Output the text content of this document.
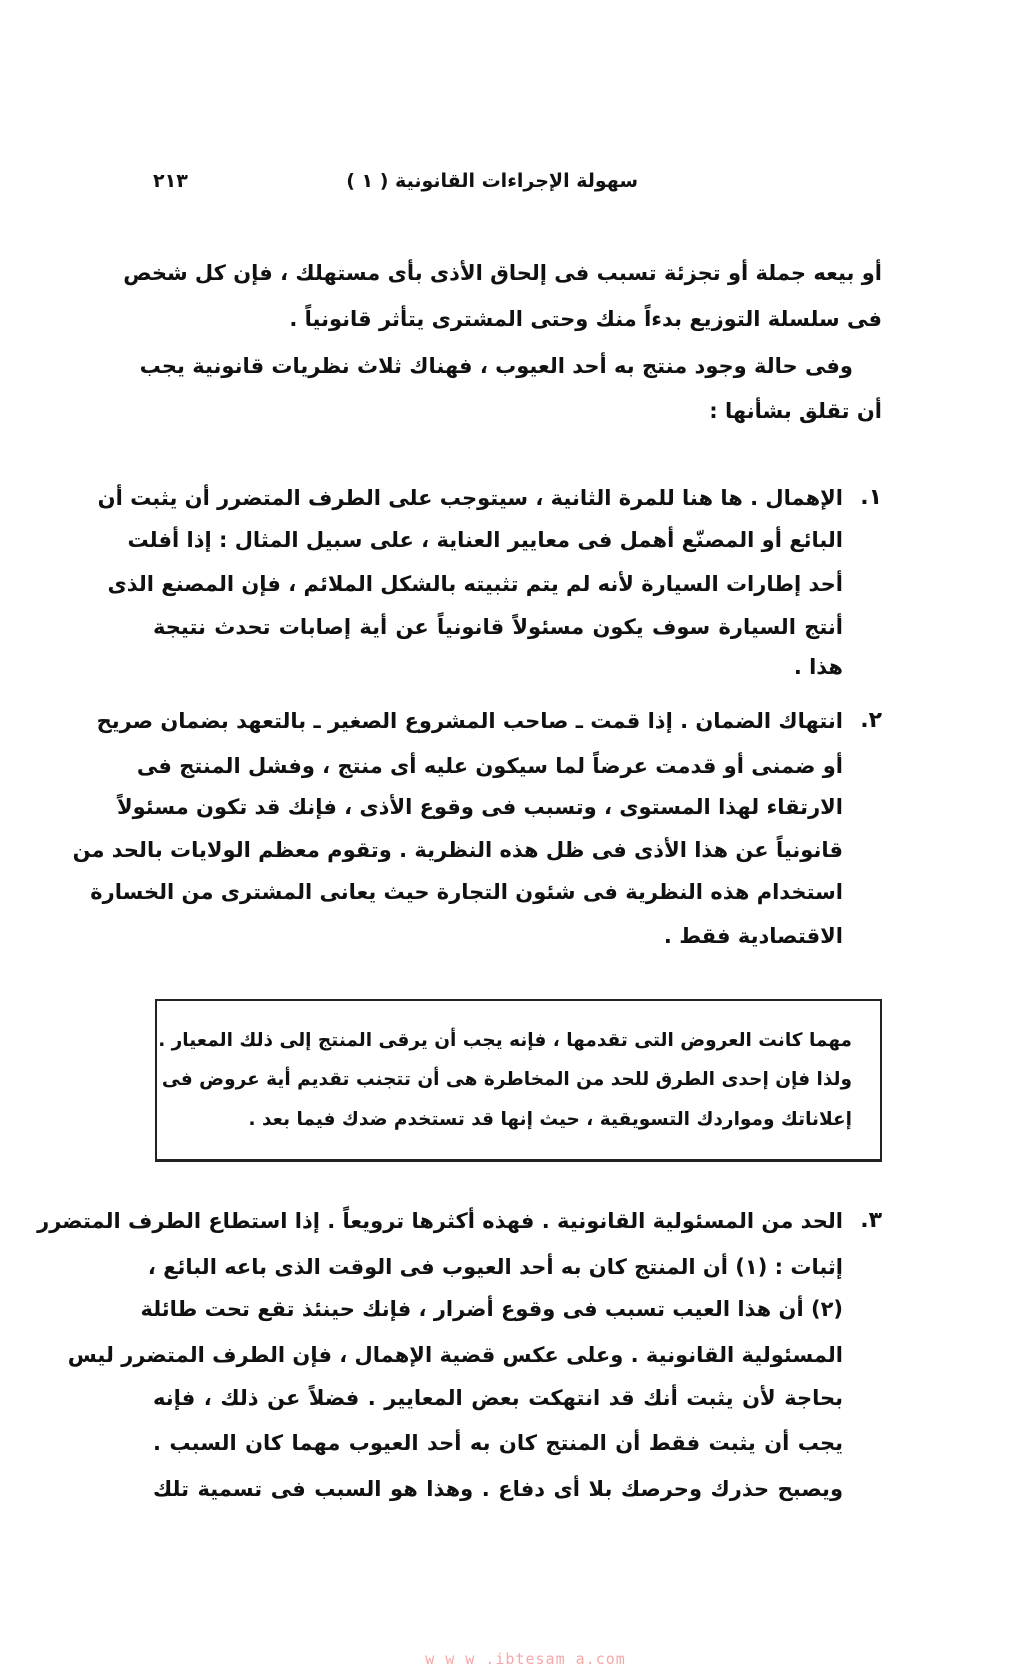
سهولة الإجراءات القانونية ( ١ )
٢١٣
أو بيعه جملة أو تجزئة تسبب فى إلحاق الأذى بأى مستهلك ، فإن كل شخص
فى سلسلة التوزيع بدءاً منك وحتى المشترى يتأثر قانونياً .
وفى حالة وجود منتج به أحد العيوب ، فهناك ثلاث نظريات قانونية يجب
أن تقلق بشأنها :
١.
الإهمال . ها هنا للمرة الثانية ، سيتوجب على الطرف المتضرر أن يثبت أن
البائع أو المصنّع أهمل فى معايير العناية ، على سبيل المثال : إذا أفلت
أحد إطارات السيارة لأنه لم يتم تثبيته بالشكل الملائم ، فإن المصنع الذى
أنتج السيارة سوف يكون مسئولاً قانونياً عن أية إصابات تحدث نتيجة
هذا .
٢.
انتهاك الضمان . إذا قمت ـ صاحب المشروع الصغير ـ بالتعهد بضمان صريح
أو ضمنى أو قدمت عرضاً لما سيكون عليه أى منتج ، وفشل المنتج فى
الارتقاء لهذا المستوى ، وتسبب فى وقوع الأذى ، فإنك قد تكون مسئولاً
قانونياً عن هذا الأذى فى ظل هذه النظرية . وتقوم معظم الولايات بالحد من
استخدام هذه النظرية فى شئون التجارة حيث يعانى المشترى من الخسارة
الاقتصادية فقط .
مهما كانت العروض التى تقدمها ، فإنه يجب أن يرقى المنتج إلى ذلك المعيار .
ولذا فإن إحدى الطرق للحد من المخاطرة هى أن تتجنب تقديم أية عروض فى
إعلاناتك ومواردك التسويقية ، حيث إنها قد تستخدم ضدك فيما بعد .
٣.
الحد من المسئولية القانونية . فهذه أكثرها ترويعاً . إذا استطاع الطرف المتضرر
إثبات : (١) أن المنتج كان به أحد العيوب فى الوقت الذى باعه البائع ،
(٢) أن هذا العيب تسبب فى وقوع أضرار ، فإنك حينئذ تقع تحت طائلة
المسئولية القانونية . وعلى عكس قضية الإهمال ، فإن الطرف المتضرر ليس
بحاجة لأن يثبت أنك قد انتهكت بعض المعايير . فضلاً عن ذلك ، فإنه
يجب أن يثبت فقط أن المنتج كان به أحد العيوب مهما كان السبب .
ويصبح حذرك وحرصك بلا أى دفاع . وهذا هو السبب فى تسمية تلك
w w w .ibtesam a.com
